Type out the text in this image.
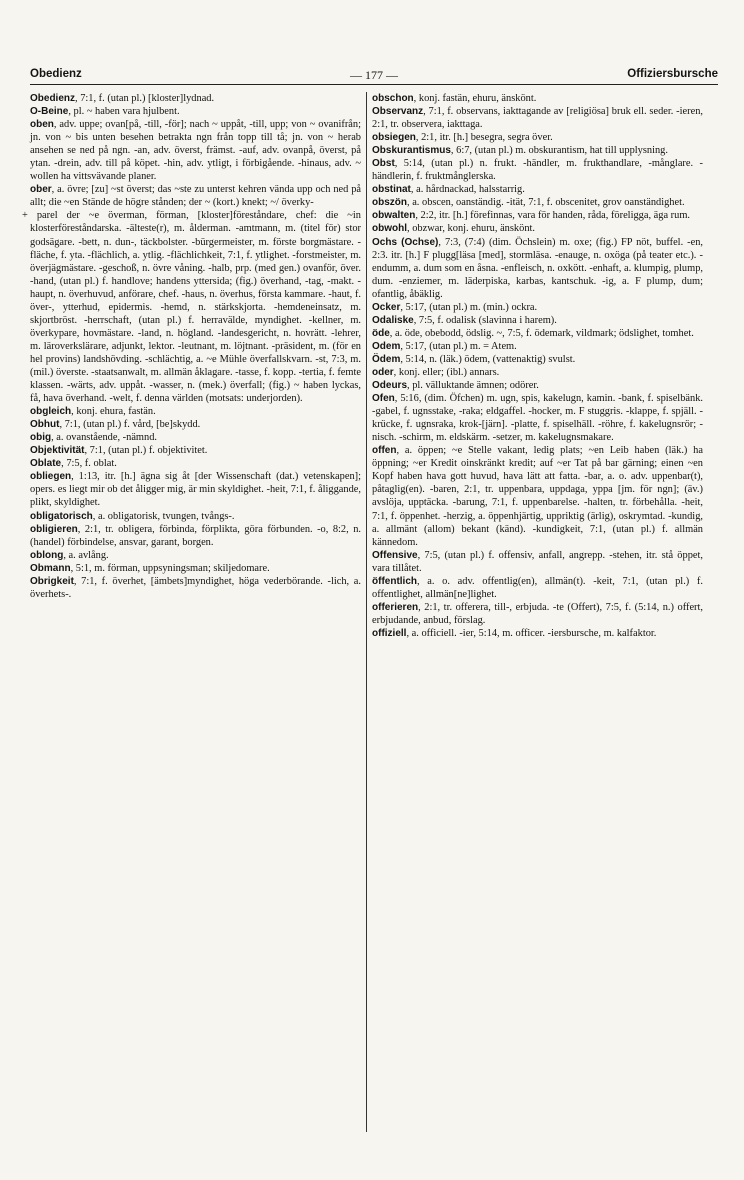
Obedienz	— 177 —	Offiziersbursche

Obedienz, 7:1, f. (utan pl.) [kloster]lydnad.

O-Beine, pl. ~ haben vara hjulbent.

oben, adv. uppe; ovan[på, -till, -för]; nach ~ uppåt, -till, upp; von ~ ovanifrån; jn. von ~ bis unten besehen betrakta ngn från topp till tå; jn. von ~ herab ansehen se ned på ngn. -an, adv. överst, främst. -auf, adv. ovanpå, överst, på ytan. -drein, adv. till på köpet. -hin, adv. ytligt, i förbigående. -hinaus, adv. ~ wollen ha vittsvävande planer.

ober, a. övre; [zu] ~st överst; das ~ste zu unterst kehren vända upp och ned på allt; die ~en Stände de högre stånden; der ~ (kort.) knekt; ~/ överky-

+ parel der ~e överman, förman, [kloster]föreståndare, chef: die ~in klosterföreståndarska. -älteste(r), m. ålderman. -amtmann, m. (titel för) stor godsägare. -bett, n. dun-, täckbolster. -bürgermeister, m. förste borgmästare. -fläche, f. yta. -flächlich, a. ytlig. -flächlichkeit, 7:1, f. ytlighet. -forstmeister, m. överjägmästare. -geschoß, n. övre våning. -halb, prp. (med gen.) ovanför, över. -hand, (utan pl.) f. handlove; handens yttersida; (fig.) överhand, -tag, -makt. -haupt, n. överhuvud, anförare, chef. -haus, n. överhus, första kammare. -haut, f. över-, ytterhud, epidermis. -hemd, n. stärkskjorta. -hemdeneinsatz, m. skjortbröst. -herrschaft, (utan pl.) f. herravälde, myndighet. -kellner, m. överkypare, hovmästare. -land, n. högland. -landesgericht, n. hovrätt. -lehrer, m. läroverkslärare, adjunkt, lektor. -leutnant, m. löjtnant. -präsident, m. (för en hel provins) landshövding. -schlächtig, a. ~e Mühle överfallskvarn. -st, 7:3, m. (mil.) överste. -staatsanwalt, m. allmän åklagare. -tasse, f. kopp. -tertia, f. femte klassen. -wärts, adv. uppåt. -wasser, n. (mek.) överfall; (fig.) ~ haben lyckas, få, hava överhand. -welt, f. denna världen (motsats: underjorden).

obgleich, konj. ehura, fastän.

Obhut, 7:1, (utan pl.) f. vård, [be]skydd.

obig, a. ovanstående, -nämnd.

Objektivität, 7:1, (utan pl.) f. objektivitet.

Oblate, 7:5, f. oblat.

obliegen, 1:13, itr. [h.] ägna sig åt [der Wissenschaft (dat.) vetenskapen]; opers. es liegt mir ob det åligger mig, är min skyldighet. -heit, 7:1, f. åliggande, plikt, skyldighet.

obligatorisch, a. obligatorisk, tvungen, tvångs-.

obligieren, 2:1, tr. obligera, förbinda, förplikta, göra förbunden. -o, 8:2, n. (handel) förbindelse, ansvar, garant, borgen.

oblong, a. avlång.

Obmann, 5:1, m. förman, uppsyningsman; skiljedomare.

Obrigkeit, 7:1, f. överhet, [ämbets]myndighet, höga vederbörande. -lich, a. överhets-.

obschon, konj. fastän, ehuru, änskönt.

Observanz, 7:1, f. observans, iakttagande av [religiösa] bruk ell. seder. -ieren, 2:1, tr. observera, iakttaga.

obsiegen, 2:1, itr. [h.] besegra, segra över.

Obskurantismus, 6:7, (utan pl.) m. obskurantism, hat till upplysning.

Obst, 5:14, (utan pl.) n. frukt. -händler, m. frukthandlare, -månglare. -händlerin, f. fruktmånglerska.

obstinat, a. hårdnackad, halsstarrig.

obszön, a. obscen, oanständig. -ität, 7:1, f. obscenitet, grov oanständighet.

obwalten, 2:2, itr. [h.] förefinnas, vara för handen, råda, föreligga, äga rum.

obwohl, obzwar, konj. ehuru, änskönt.

Ochs (Ochse), 7:3, (7:4) (dim. Öchslein) m. oxe; (fig.) FP nöt, buffel. -en, 2:3. itr. [h.] F plugg[läsa [med], stormläsa. -enauge, n. oxöga (på teater etc.). -endumm, a. dum som en åsna. -enfleisch, n. oxkött. -enhaft, a. klumpig, plump, dum. -enziemer, m. läderpiska, karbas, kantschuk. -ig, a. F plump, dum; ofantlig, åbäklig.

Ocker, 5:17, (utan pl.) m. (min.) ockra.

Odaliske, 7:5, f. odalisk (slavinna i harem).

öde, a. öde, obebodd, ödslig. ~, 7:5, f. ödemark, vildmark; ödslighet, tomhet.

Odem, 5:17, (utan pl.) m. = Atem.

Ödem, 5:14, n. (läk.) ödem, (vattenaktig) svulst.

oder, konj. eller; (ibl.) annars.

Odeurs, pl. välluktande ämnen; odörer.

Ofen, 5:16, (dim. Öfchen) m. ugn, spis, kakelugn, kamin. -bank, f. spiselbänk. -gabel, f. ugnsstake, -raka; eldgaffel. -hocker, m. F stuggris. -klappe, f. spjäll. -krücke, f. ugnsraka, krok-[järn]. -platte, f. spiselhäll. -röhre, f. kakelugnsrör; -nisch. -schirm, m. eldskärm. -setzer, m. kakelugnsmakare.

offen, a. öppen; ~e Stelle vakant, ledig plats; ~en Leib haben (läk.) ha öppning; ~er Kredit oinskränkt kredit; auf ~er Tat på bar gärning; einen ~en Kopf haben hava gott huvud, hava lätt att fatta. -bar, a. o. adv. uppenbar(t), påtaglig(en). -baren, 2:1, tr. uppenbara, uppdaga, yppa [jm. för ngn]; (äv.) avslöja, upptäcka. -barung, 7:1, f. uppenbarelse. -halten, tr. förbehålla. -heit, 7:1, f. öppenhet. -herzig, a. öppenhjärtig, uppriktig (ärlig), oskrymtad. -kundig, a. allmänt (allom) bekant (känd). -kundigkeit, 7:1, (utan pl.) f. allmän kännedom.

Offensive, 7:5, (utan pl.) f. offensiv, anfall, angrepp. -stehen, itr. stå öppet, vara tillåtet.

öffentlich, a. o. adv. offentlig(en), allmän(t). -keit, 7:1, (utan pl.) f. offentlighet, allmän[ne]lighet.

offerieren, 2:1, tr. offerera, till-, erbjuda. -te (Offert), 7:5, f. (5:14, n.) offert, erbjudande, anbud, förslag.

offiziell, a. officiell. -ier, 5:14, m. officer. -iersbursche, m. kalfaktor.
